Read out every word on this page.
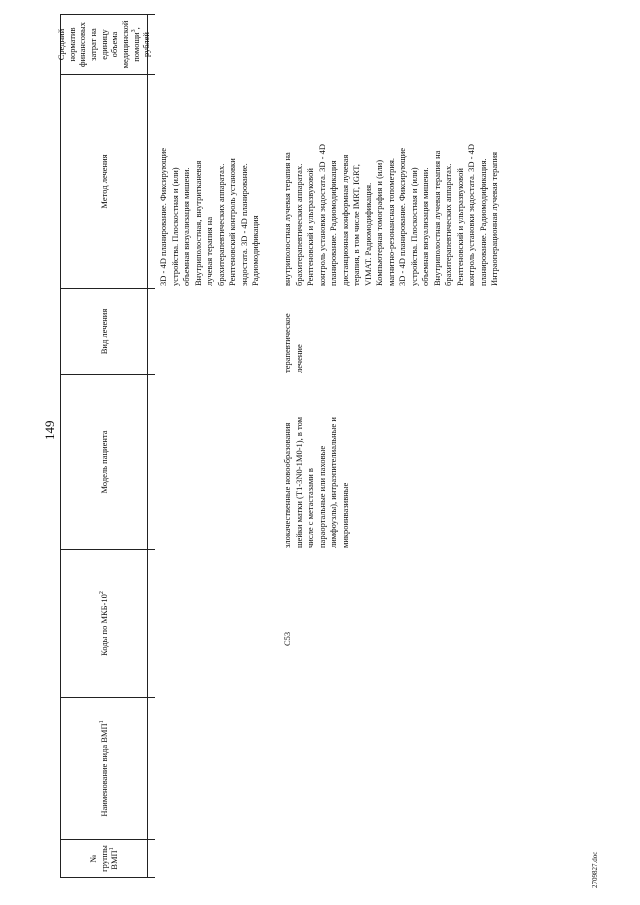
149
№ группы ВМП$^1$
Наименование вида ВМП$^1$
Коды по МКБ-$10^2$
Модель пациента
Вид лечения
Метод лечения
Средний норматив финансовых затрат на единицу объема медицинской помощи$^3$, рублей
3D - 4D планирование. Фиксирующие устройства. Плоскостная и (или) объемная визуализация мишени. Внутриполостная, внутритканевая лучевая терапия на брахитерапевтических аппаратах. Рентгеновский контроль установки эндостата. 3D - 4D планирование. Радиомодификация
C53
злокачественные новообразования шейки матки (T1-3N0-1M0-1), в том числе с метастазами в параортальные или паховые лимфоузлы), интраэпителиальные и микроинвазивные
терапевтическое лечение
внутриполостная лучевая терапия на брахитерапевтических аппаратах. Рентгеновский и ультразвуковой контроль установки эндостата. 3D - 4D планирование. Радиомодификация дистанционная конформная лучевая терапия, в том числе IMRT, IGRT, VIMAT. Радиомодификация. Компьютерная томография и (или) магнитно-резонансная топометрия. 3D - 4D планирование. Фиксирующие устройства. Плоскостная и (или) объемная визуализация мишени. Внутриполостная лучевая терапия на брахитерапевтических аппаратах. Рентгеновский и ультразвуковой контроль установки эндостата. 3D - 4D планирование. Радиомодификация. Интраоперационная лучевая терапия
2709827.doc
